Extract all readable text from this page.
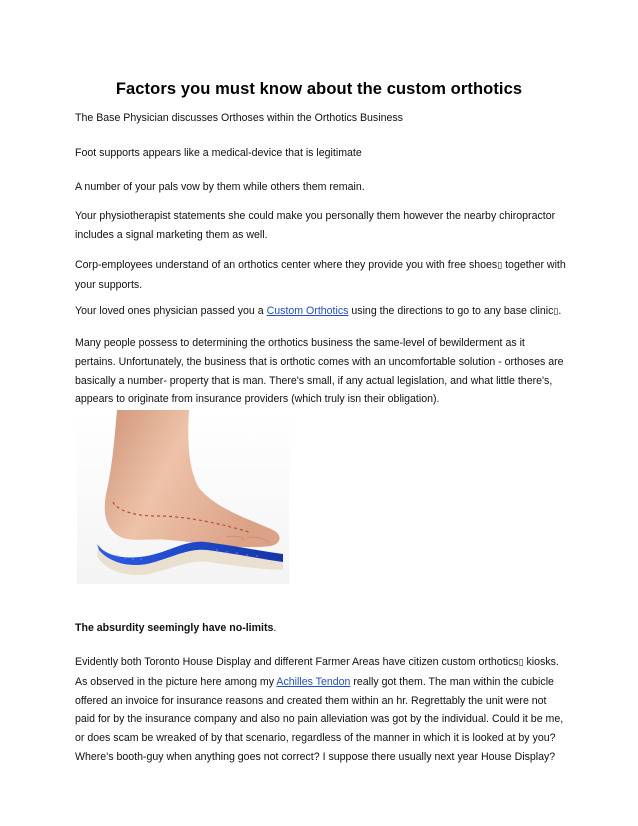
Factors you must know about the custom orthotics

The Base Physician discusses Orthoses within the Orthotics Business

Foot supports appears like a medical-device that is legitimate

A number of your pals vow by them while others them remain.

Your physiotherapist statements she could make you personally them however the nearby chiropractor includes a signal marketing them as well.

Corp-employees understand of an orthotics center where they provide you with free shoes▯ together with your supports.

Your loved ones physician passed you a Custom Orthotics using the directions to go to any base clinic▯.

Many people possess to determining the orthotics business the same-level of bewilderment as it pertains. Unfortunately, the business that is orthotic comes with an uncomfortable solution - orthoses are basically a number- property that is man. There's small, if any actual legislation, and what little there's, appears to originate from insurance providers (which truly isn their obligation).

The absurdity seemingly have no-limits.

Evidently both Toronto House Display and different Farmer Areas have citizen custom orthotics▯ kiosks. As observed in the picture here among my Achilles Tendon really got them. The man within the cubicle offered an invoice for insurance reasons and created them within an hr. Regrettably the unit were not paid for by the insurance company and also no pain alleviation was got by the individual. Could it be me, or does scam be wreaked of by that scenario, regardless of the manner in which it is looked at by you? Where's booth-guy when anything goes not correct? I suppose there usually next year House Display?
